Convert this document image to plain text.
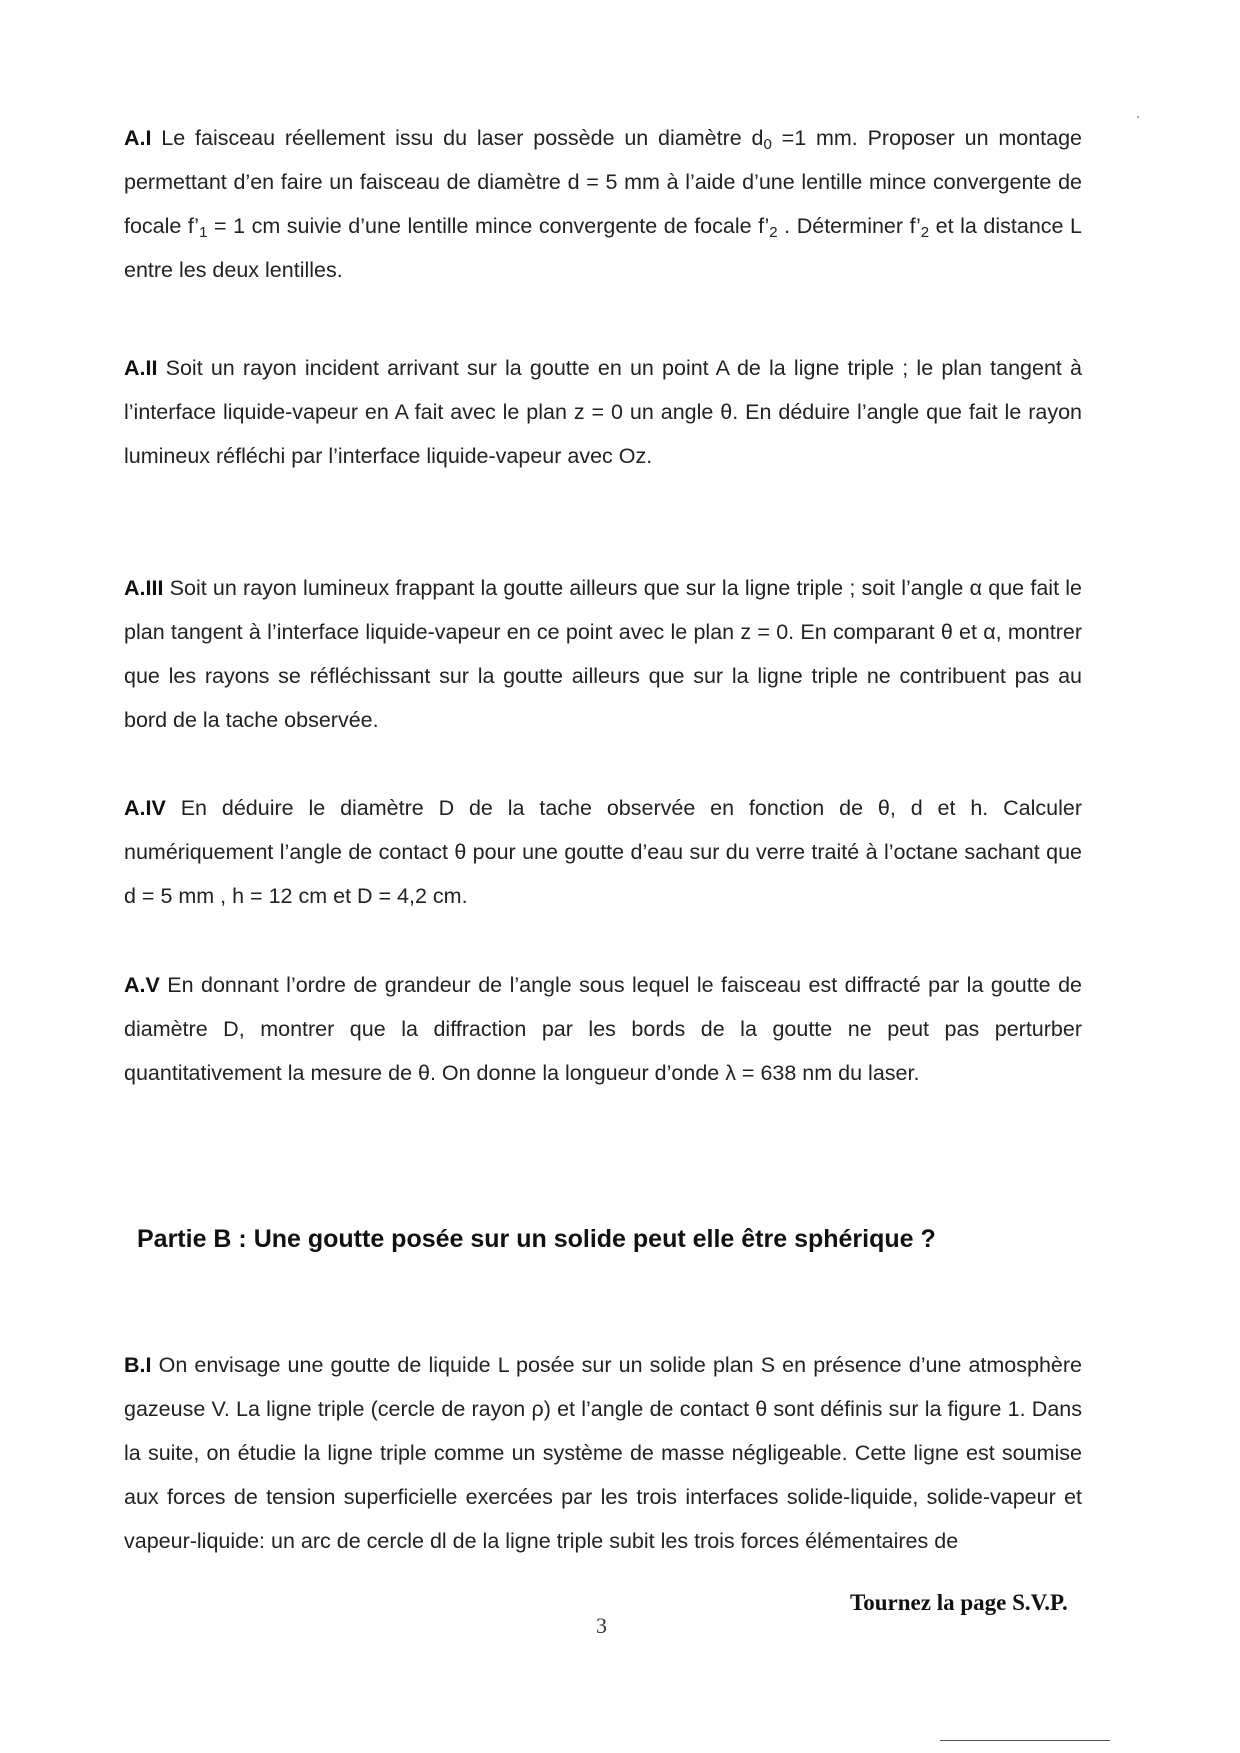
A.I Le faisceau réellement issu du laser possède un diamètre $d_0 =1$ mm. Proposer un montage permettant d’en faire un faisceau de diamètre d = 5 mm à l’aide d’une lentille mince convergente de focale $f’_1 = 1$ cm suivie d’une lentille mince convergente de focale $f’_2$ . Déterminer $f’_2$ et la distance L entre les deux lentilles.

A.II Soit un rayon incident arrivant sur la goutte en un point A de la ligne triple ; le plan tangent à l’interface liquide-vapeur en A fait avec le plan z = 0 un angle θ. En déduire l’angle que fait le rayon lumineux réfléchi par l’interface liquide-vapeur avec Oz.

A.III Soit un rayon lumineux frappant la goutte ailleurs que sur la ligne triple ; soit l’angle α que fait le plan tangent à l’interface liquide-vapeur en ce point avec le plan z = 0. En comparant θ et α, montrer que les rayons se réfléchissant sur la goutte ailleurs que sur la ligne triple ne contribuent pas au bord de la tache observée.

A.IV En déduire le diamètre D de la tache observée en fonction de θ, d et h. Calculer numériquement l’angle de contact θ pour une goutte d’eau sur du verre traité à l’octane sachant que d = 5 mm , h = 12 cm et D = 4,2 cm.

A.V En donnant l’ordre de grandeur de l’angle sous lequel le faisceau est diffracté par la goutte de diamètre D, montrer que la diffraction par les bords de la goutte ne peut pas perturber quantitativement la mesure de θ. On donne la longueur d’onde λ = 638 nm du laser.

Partie B : Une goutte posée sur un solide peut elle être sphérique ?

B.I On envisage une goutte de liquide L posée sur un solide plan S en présence d’une atmosphère gazeuse V. La ligne triple (cercle de rayon ρ) et l’angle de contact θ sont définis sur la figure 1. Dans la suite, on étudie la ligne triple comme un système de masse négligeable. Cette ligne est soumise aux forces de tension superficielle exercées par les trois interfaces solide-liquide, solide-vapeur et vapeur-liquide: un arc de cercle dl de la ligne triple subit les trois forces élémentaires de

Tournez la page S.V.P.
3
